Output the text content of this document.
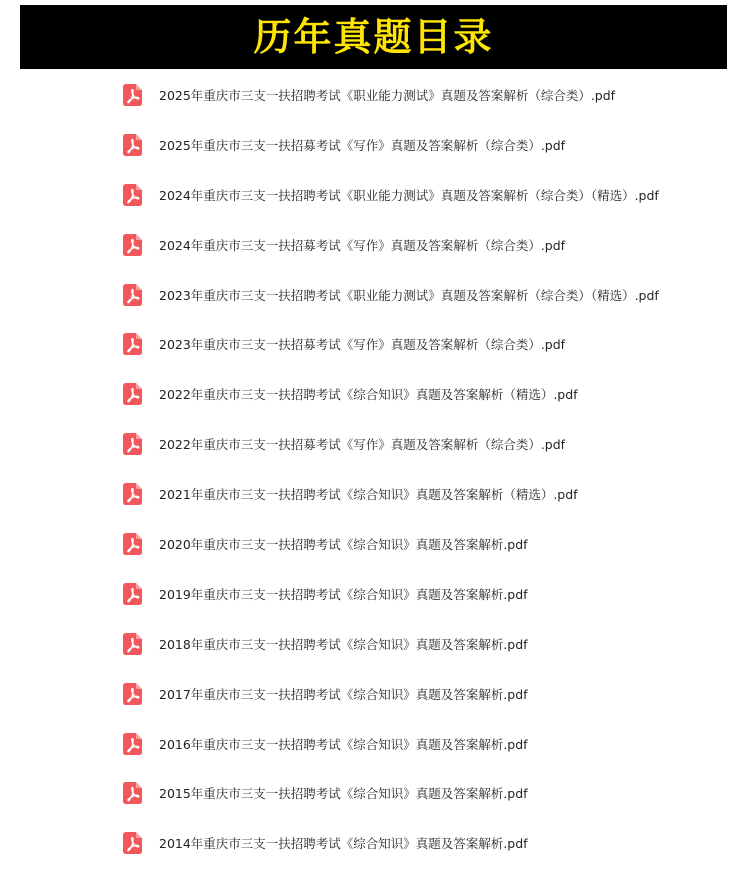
历年真题目录
2025年重庆市三支一扶招聘考试《职业能力测试》真题及答案解析（综合类）.pdf
2025年重庆市三支一扶招募考试《写作》真题及答案解析（综合类）.pdf
2024年重庆市三支一扶招聘考试《职业能力测试》真题及答案解析（综合类）（精选）.pdf
2024年重庆市三支一扶招募考试《写作》真题及答案解析（综合类）.pdf
2023年重庆市三支一扶招聘考试《职业能力测试》真题及答案解析（综合类）（精选）.pdf
2023年重庆市三支一扶招募考试《写作》真题及答案解析（综合类）.pdf
2022年重庆市三支一扶招聘考试《综合知识》真题及答案解析（精选）.pdf
2022年重庆市三支一扶招募考试《写作》真题及答案解析（综合类）.pdf
2021年重庆市三支一扶招聘考试《综合知识》真题及答案解析（精选）.pdf
2020年重庆市三支一扶招聘考试《综合知识》真题及答案解析.pdf
2019年重庆市三支一扶招聘考试《综合知识》真题及答案解析.pdf
2018年重庆市三支一扶招聘考试《综合知识》真题及答案解析.pdf
2017年重庆市三支一扶招聘考试《综合知识》真题及答案解析.pdf
2016年重庆市三支一扶招聘考试《综合知识》真题及答案解析.pdf
2015年重庆市三支一扶招聘考试《综合知识》真题及答案解析.pdf
2014年重庆市三支一扶招聘考试《综合知识》真题及答案解析.pdf
